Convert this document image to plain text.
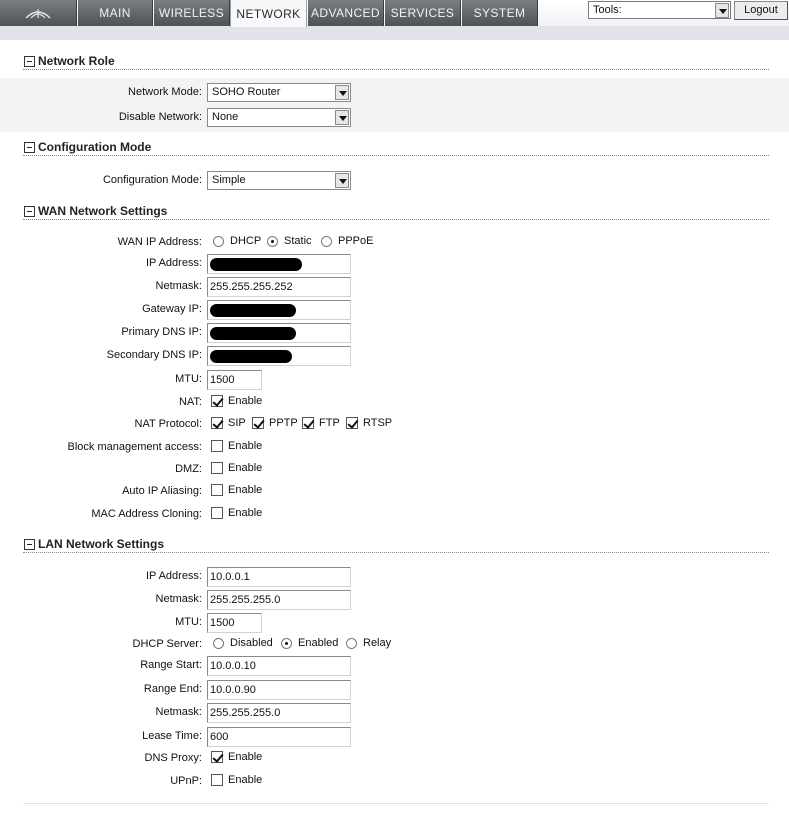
MAIN WIRELESS NETWORK ADVANCED SERVICES SYSTEM	Tools:	Logout
Network Role
Network Mode: SOHO Router
Disable Network: None
Configuration Mode
Configuration Mode: Simple
WAN Network Settings
WAN IP Address:	DHCP Static PPPoE
IP Address:
Netmask: 255.255.255.252
Gateway IP:
Primary DNS IP:
Secondary DNS IP:
MTU: 1500
NAT: Enable
NAT Protocol: SIP PPTP FTP RTSP
Block management access: Enable
DMZ: Enable
Auto IP Aliasing: Enable
MAC Address Cloning: Enable
LAN Network Settings
IP Address: 10.0.0.1
Netmask: 255.255.255.0
MTU: 1500
DHCP Server:	Disabled Enabled Relay
Range Start: 10.0.0.10
Range End: 10.0.0.90
Netmask: 255.255.255.0
Lease Time: 600
DNS Proxy: Enable
UPnP: Enable
